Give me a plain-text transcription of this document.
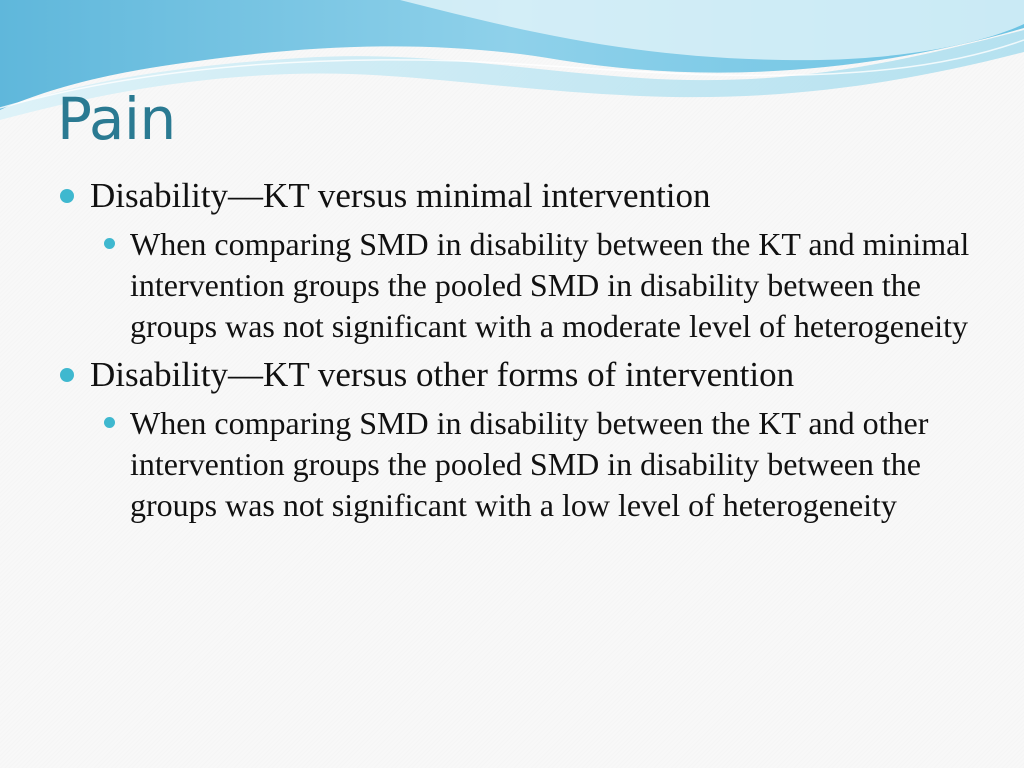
Pain
Disability—KT versus minimal intervention
When comparing SMD in disability between the KT and minimal intervention groups the pooled SMD in disability between the groups was not significant with a moderate level of heterogeneity
Disability—KT versus other forms of intervention
When comparing SMD in disability between the KT and other intervention groups the pooled SMD in disability between the groups was not significant with a low level of heterogeneity
